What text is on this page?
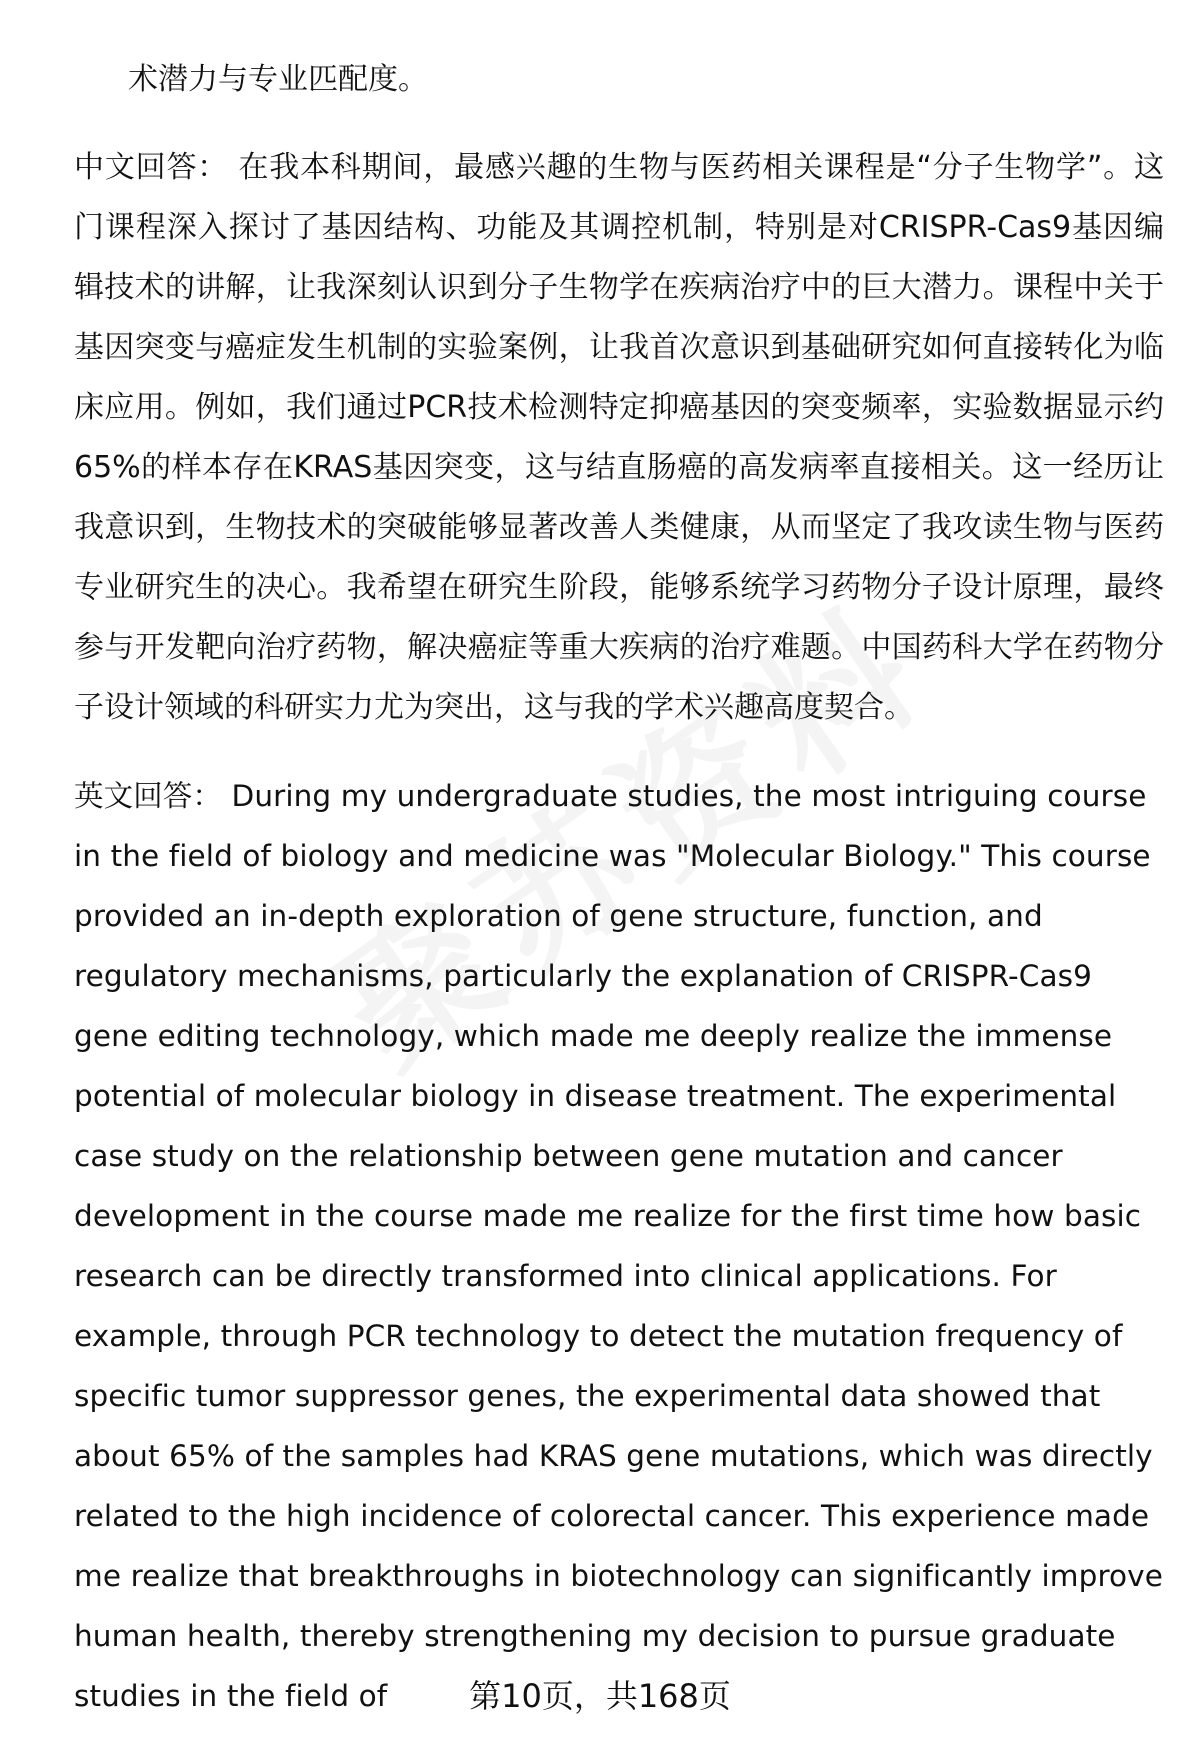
术潜力与专业匹配度。

中文回答： 在我本科期间，最感兴趣的生物与医药相关课程是“分子生物学”。这门课程深入探讨了基因结构、功能及其调控机制，特别是对CRISPR-Cas9基因编辑技术的讲解，让我深刻认识到分子生物学在疾病治疗中的巨大潜力。课程中关于基因突变与癌症发生机制的实验案例，让我首次意识到基础研究如何直接转化为临床应用。例如，我们通过PCR技术检测特定抑癌基因的突变频率，实验数据显示约65%的样本存在KRAS基因突变，这与结直肠癌的高发病率直接相关。这一经历让我意识到，生物技术的突破能够显著改善人类健康，从而坚定了我攻读生物与医药专业研究生的决心。我希望在研究生阶段，能够系统学习药物分子设计原理，最终参与开发靶向治疗药物，解决癌症等重大疾病的治疗难题。中国药科大学在药物分子设计领域的科研实力尤为突出，这与我的学术兴趣高度契合。

英文回答： During my undergraduate studies, the most intriguing course in the field of biology and medicine was "Molecular Biology." This course provided an in-depth exploration of gene structure, function, and regulatory mechanisms, particularly the explanation of CRISPR-Cas9 gene editing technology, which made me deeply realize the immense potential of molecular biology in disease treatment. The experimental case study on the relationship between gene mutation and cancer development in the course made me realize for the first time how basic research can be directly transformed into clinical applications. For example, through PCR technology to detect the mutation frequency of specific tumor suppressor genes, the experimental data showed that about 65% of the samples had KRAS gene mutations, which was directly related to the high incidence of colorectal cancer. This experience made me realize that breakthroughs in biotechnology can significantly improve human health, thereby strengthening my decision to pursue graduate studies in the field of	第10页，共168页
